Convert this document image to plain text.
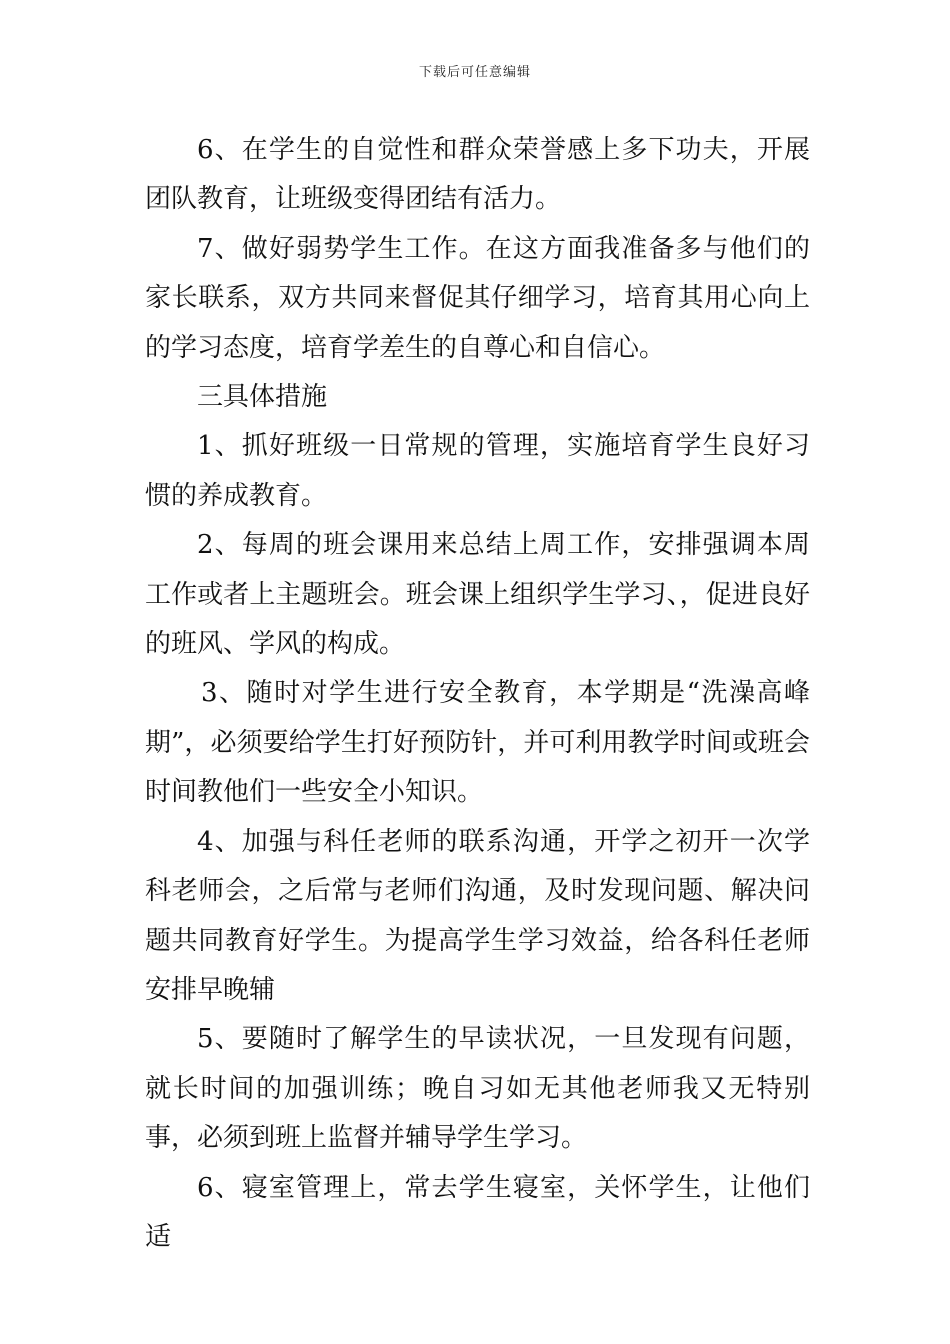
下载后可任意编辑

6、在学生的自觉性和群众荣誉感上多下功夫，开展团队教育，让班级变得团结有活力。

7、做好弱势学生工作。在这方面我准备多与他们的家长联系，双方共同来督促其仔细学习，培育其用心向上的学习态度，培育学差生的自尊心和自信心。

三具体措施

1、抓好班级一日常规的管理，实施培育学生良好习惯的养成教育。

2、每周的班会课用来总结上周工作，安排强调本周工作或者上主题班会。班会课上组织学生学习、，促进良好的班风、学风的构成。

3、随时对学生进行安全教育，本学期是“洗澡高峰期”，必须要给学生打好预防针，并可利用教学时间或班会时间教他们一些安全小知识。

4、加强与科任老师的联系沟通，开学之初开一次学科老师会，之后常与老师们沟通，及时发现问题、解决问题共同教育好学生。为提高学生学习效益，给各科任老师安排早晚辅

5、要随时了解学生的早读状况，一旦发现有问题，就长时间的加强训练；晚自习如无其他老师我又无特别事，必须到班上监督并辅导学生学习。

6、寝室管理上，常去学生寝室，关怀学生，让他们适
